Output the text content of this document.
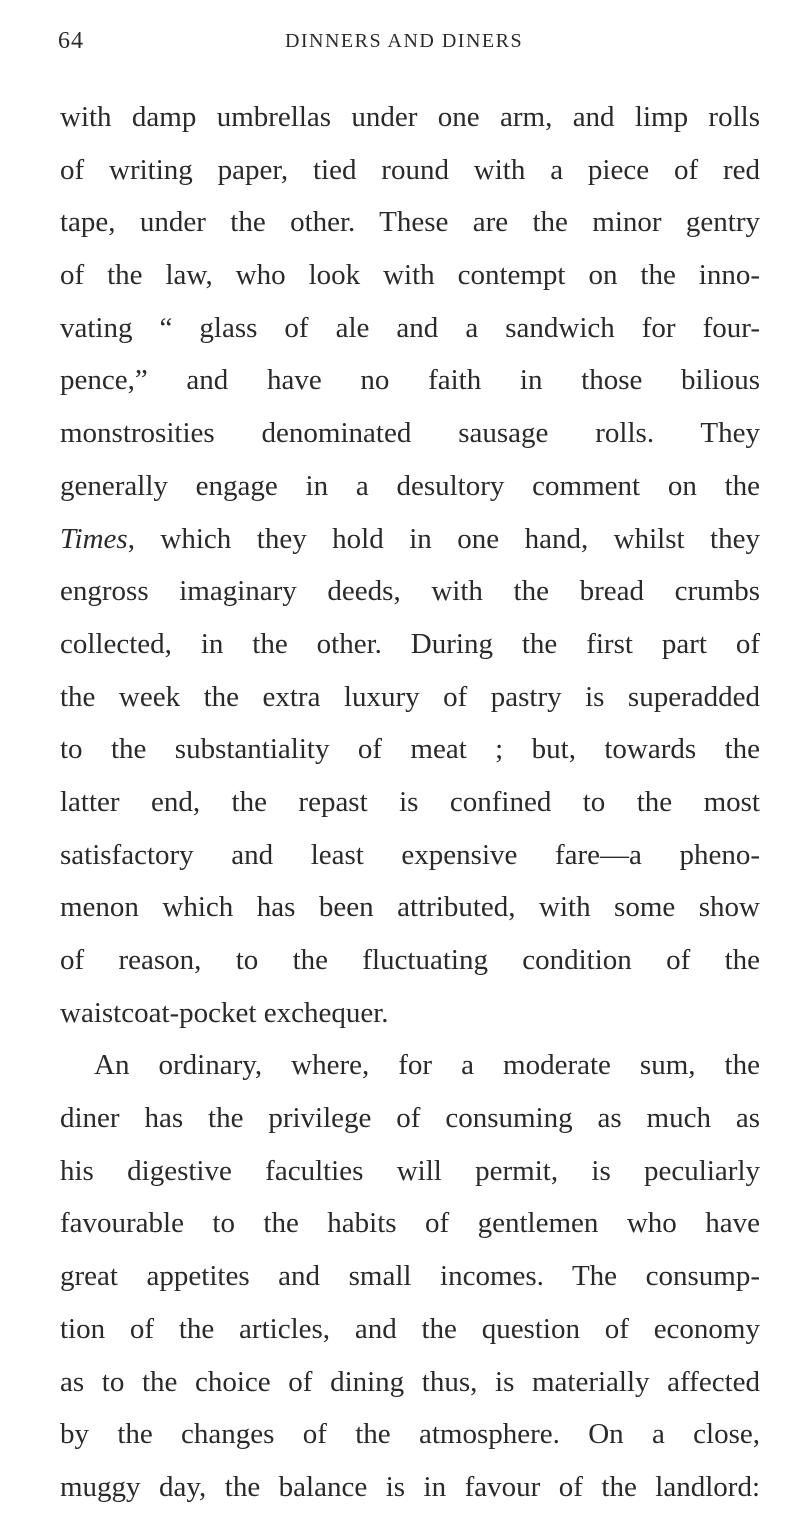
64	DINNERS AND DINERS
with damp umbrellas under one arm, and limp rolls
of writing paper, tied round with a piece of red
tape, under the other. These are the minor gentry
of the law, who look with contempt on the inno-
vating “ glass of ale and a sandwich for four-
pence,” and have no faith in those bilious
monstrosities denominated sausage rolls. They
generally engage in a desultory comment on the
Times, which they hold in one hand, whilst they
engross imaginary deeds, with the bread crumbs
collected, in the other. During the first part of
the week the extra luxury of pastry is superadded
to the substantiality of meat ; but, towards the
latter end, the repast is confined to the most
satisfactory and least expensive fare—a pheno-
menon which has been attributed, with some show
of reason, to the fluctuating condition of the
waistcoat-pocket exchequer.
An ordinary, where, for a moderate sum, the
diner has the privilege of consuming as much as
his digestive faculties will permit, is peculiarly
favourable to the habits of gentlemen who have
great appetites and small incomes. The consump-
tion of the articles, and the question of economy
as to the choice of dining thus, is materially affected
by the changes of the atmosphere. On a close,
muggy day, the balance is in favour of the landlord:
